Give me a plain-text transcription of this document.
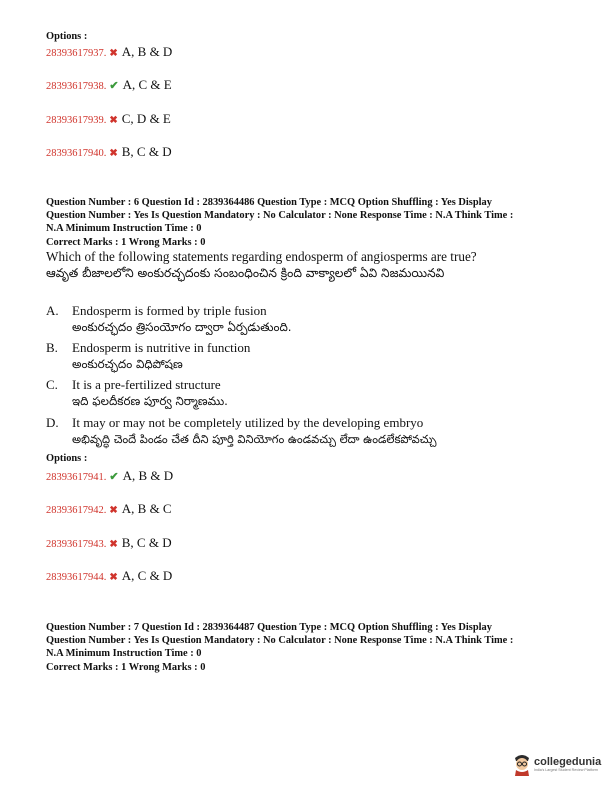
Options :
28393617937. ✖ A, B & D
28393617938. ✔ A, C & E
28393617939. ✖ C, D & E
28393617940. ✖ B, C & D
Question Number : 6 Question Id : 2839364486 Question Type : MCQ Option Shuffling : Yes Display
Question Number : Yes Is Question Mandatory : No Calculator : None Response Time : N.A Think Time :
N.A Minimum Instruction Time : 0
Correct Marks : 1 Wrong Marks : 0
Which of the following statements regarding endosperm of angiosperms are true?
ఆవృత బీజాలలోని అంకురచ్ఛదంకు సంబంధించిన క్రింది వాక్యాలలో ఏవి నిజమయినవి
A. Endosperm is formed by triple fusion
అంకురచ్ఛదం త్రిసంయోగం ద్వారా ఏర్పడుతుంది.
B. Endosperm is nutritive in function
అంకురచ్ఛదం విధిపోషణ
C. It is a pre-fertilized structure
ఇది ఫలదీకరణ పూర్వ నిర్మాణము.
D. It may or may not be completely utilized by the developing embryo
అభివృద్ధి చెందే పిండం చేత దీని పూర్తి వినియోగం ఉండవచ్చు లేదా ఉండలేకపోవచ్చు
Options :
28393617941. ✔ A, B & D
28393617942. ✖ A, B & C
28393617943. ✖ B, C & D
28393617944. ✖ A, C & D
Question Number : 7 Question Id : 2839364487 Question Type : MCQ Option Shuffling : Yes Display
Question Number : Yes Is Question Mandatory : No Calculator : None Response Time : N.A Think Time :
N.A Minimum Instruction Time : 0
Correct Marks : 1 Wrong Marks : 0
collegedunia
India's Largest Student Review Platform
